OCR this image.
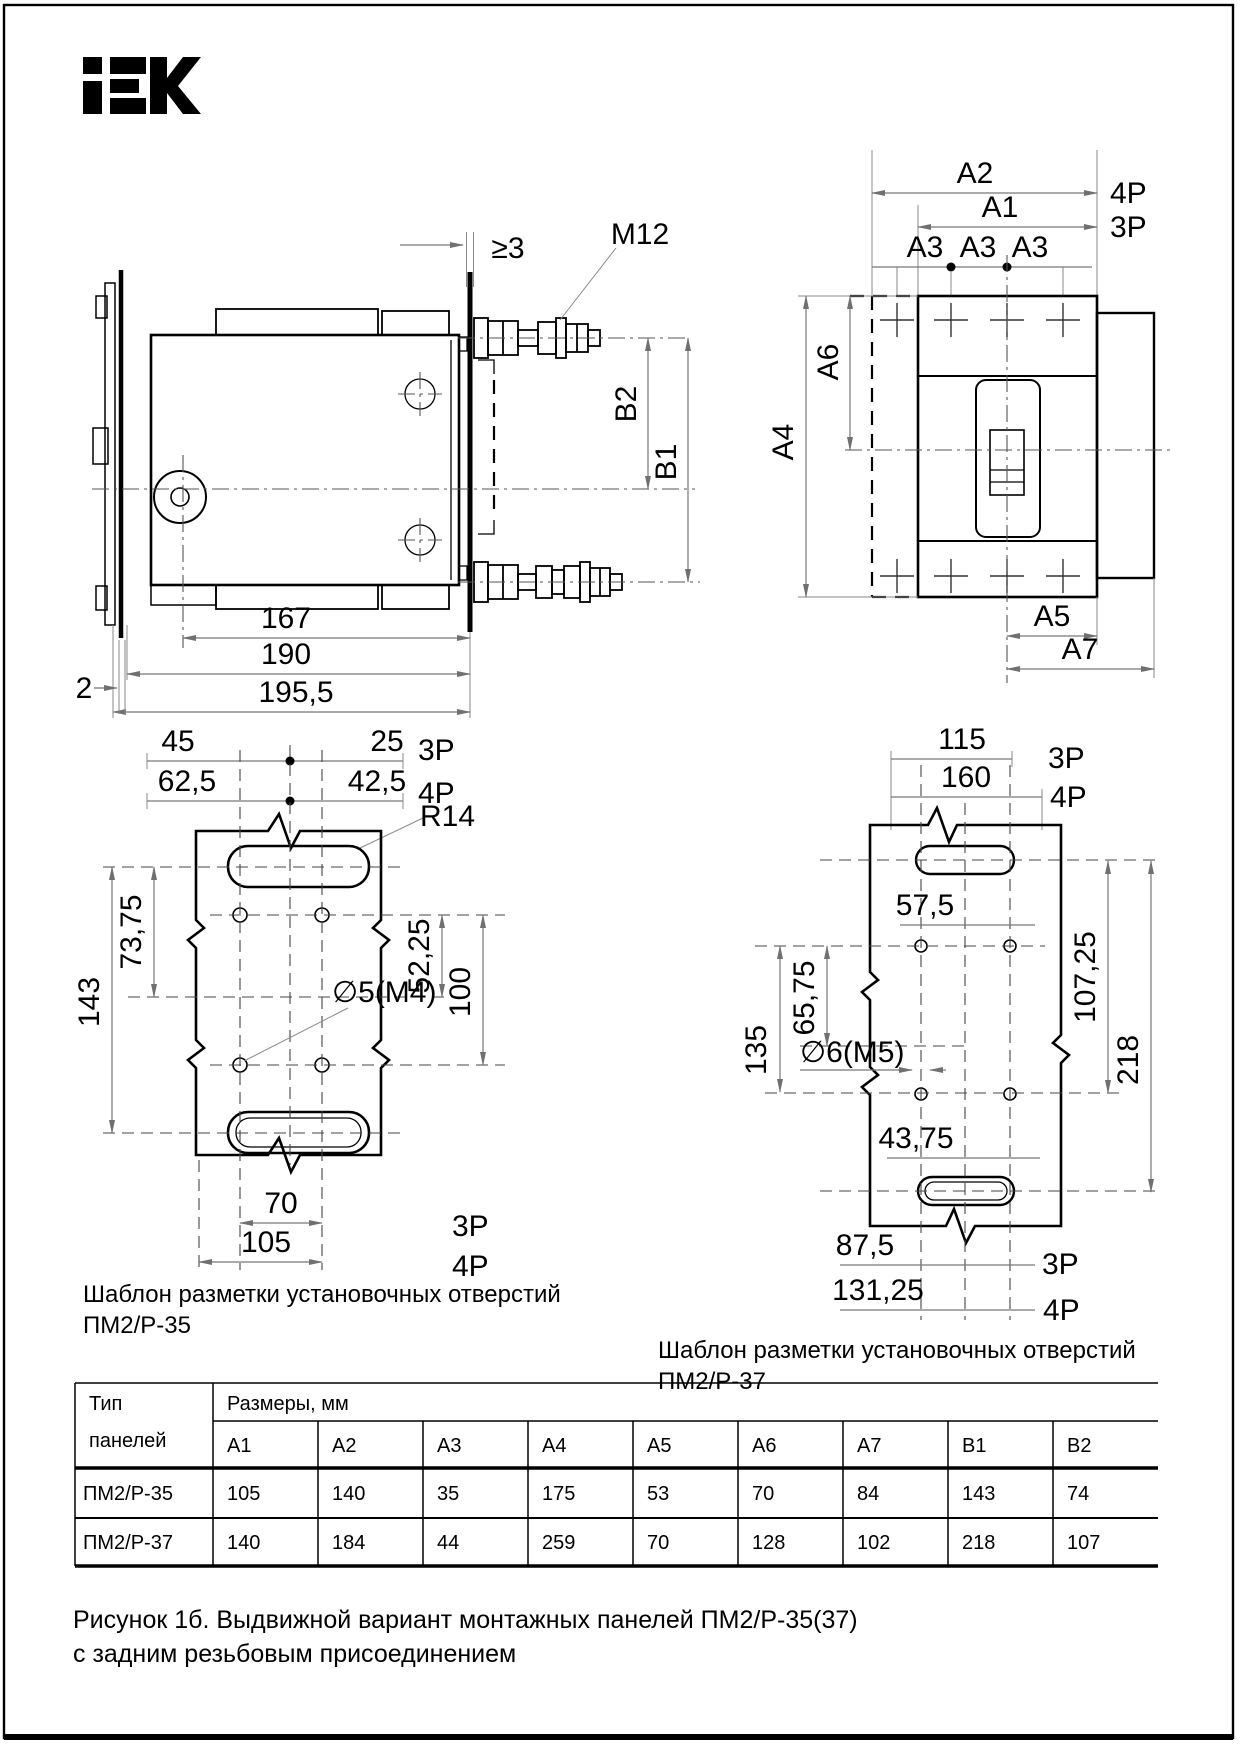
≥3	M12
B2
B1
167
190
195,5
2
A2
4P
A1
3P
A3 A3 A3
A6
A4
A5
A7
45	25 3P
62,5	42,5 4P
R14
73,75
143
52,25 100
∅5(M4)
70
3P
105
4P
Шаблон разметки установочных отверстий
ПМ2/Р-35
115
3P
160
4P
57,5
65,75
135
107,25
218
∅6(M5)
43,75
87,5
3P
131,25
4P
Шаблон разметки установочных отверстий
ПМ2/Р-37
Тип
панелей
Размеры, мм
A1	A2	A3	A4	A5	A6	A7	B1	B2
ПМ2/Р-35	105	140	35	175	53	70	84	143	74
ПМ2/Р-37	140	184	44	259	70	128	102	218	107
Рисунок 1б. Выдвижной вариант монтажных панелей ПМ2/Р-35(37)
с задним резьбовым присоединением
